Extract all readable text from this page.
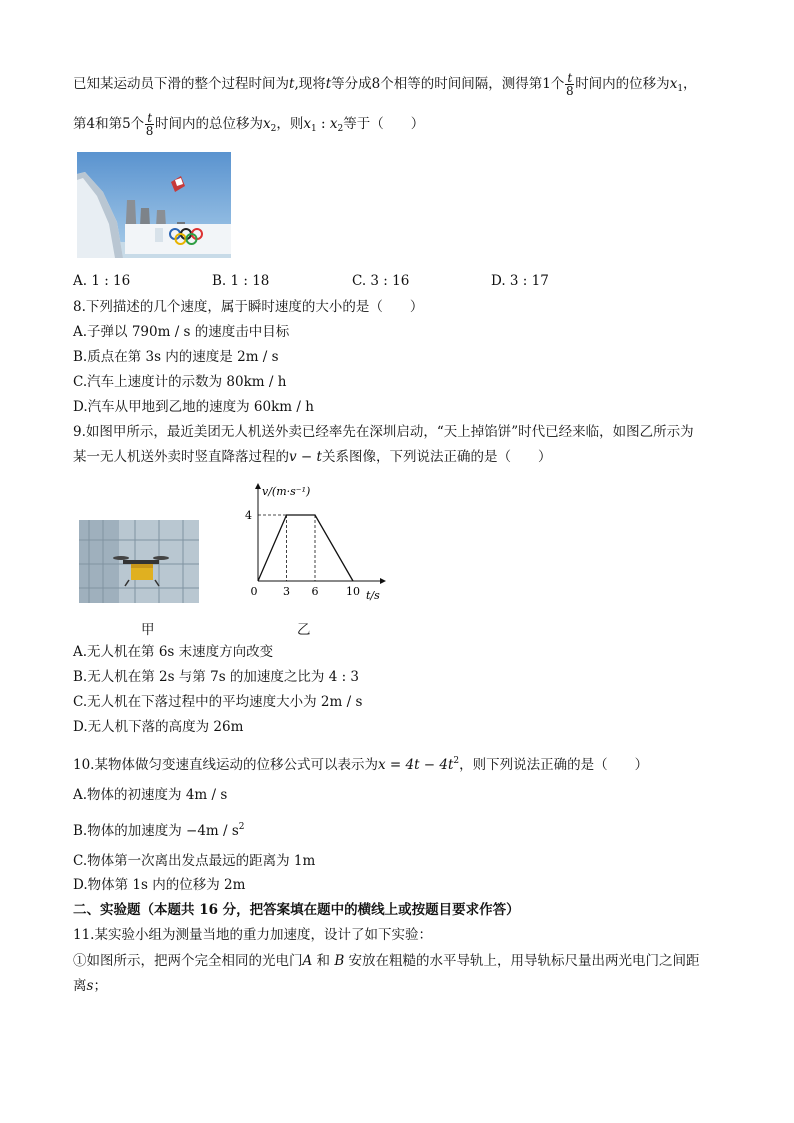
已知某运动员下滑的整个过程时间为t,现将t等分成8个相等的时间间隔，测得第1个 $\frac{t}{8}$ 时间内的位移为$x_1$，
第4和第5个 $\frac{t}{8}$ 时间内的总位移为$x_2$，则$x_1$ : $x_2$等于（　　）
A. 1 : 16	B. 1 : 18	C. 3 : 16	D. 3 : 17
8.下列描述的几个速度，属于瞬时速度的大小的是（　　）
A.子弹以 790m / s 的速度击中目标
B.质点在第 3s 内的速度是 2m / s
C.汽车上速度计的示数为 80km / h
D.汽车从甲地到乙地的速度为 60km / h
9.如图甲所示，最近美团无人机送外卖已经率先在深圳启动，“天上掉馅饼”时代已经来临，如图乙所示为
某一无人机送外卖时竖直降落过程的v − t关系图像，下列说法正确的是（　　）
v/(m·s⁻¹)
t/s
0 3 6	10
4
甲	乙
A.无人机在第 6s 末速度方向改变
B.无人机在第 2s 与第 7s 的加速度之比为 4 : 3
C.无人机在下落过程中的平均速度大小为 2m / s
D.无人机下落的高度为 26m
10.某物体做匀变速直线运动的位移公式可以表示为$x = 4t - 4t^2$，则下列说法正确的是（　　）
A.物体的初速度为 4m / s
B.物体的加速度为 $-4m / s^2$
C.物体第一次离出发点最远的距离为 1m
D.物体第 1s 内的位移为 2m
二、实验题（本题共 16 分，把答案填在题中的横线上或按题目要求作答）
11.某实验小组为测量当地的重力加速度，设计了如下实验：
①如图所示，把两个完全相同的光电门A 和 B 安放在粗糙的水平导轨上，用导轨标尺量出两光电门之间距
离s；
